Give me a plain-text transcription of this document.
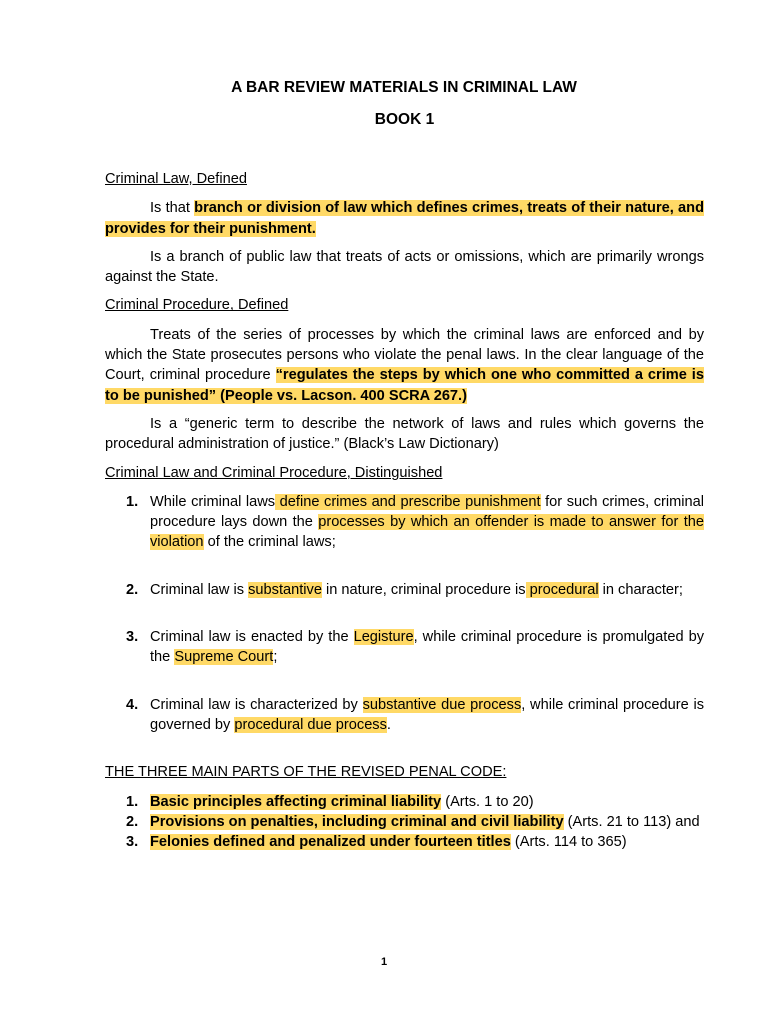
A BAR REVIEW MATERIALS IN CRIMINAL LAW

BOOK 1

Criminal Law, Defined

Is that branch or division of law which defines crimes, treats of their nature, and provides for their punishment.

Is a branch of public law that treats of acts or omissions, which are primarily wrongs against the State.

Criminal Procedure, Defined

Treats of the series of processes by which the criminal laws are enforced and by which the State prosecutes persons who violate the penal laws. In the clear language of the Court, criminal procedure “regulates the steps by which one who committed a crime is to be punished” (People vs. Lacson. 400 SCRA 267.)

Is a “generic term to describe the network of laws and rules which governs the procedural administration of justice.” (Black’s Law Dictionary)

Criminal Law and Criminal Procedure, Distinguished

1. While criminal laws define crimes and prescribe punishment for such crimes, criminal procedure lays down the processes by which an offender is made to answer for the violation of the criminal laws;
2. Criminal law is substantive in nature, criminal procedure is procedural in character;
3. Criminal law is enacted by the Legisture, while criminal procedure is promulgated by the Supreme Court;
4. Criminal law is characterized by substantive due process, while criminal procedure is governed by procedural due process.

THE THREE MAIN PARTS OF THE REVISED PENAL CODE:

1. Basic principles affecting criminal liability (Arts. 1 to 20)
2. Provisions on penalties, including criminal and civil liability (Arts. 21 to 113) and
3. Felonies defined and penalized under fourteen titles (Arts. 114 to 365)
1
